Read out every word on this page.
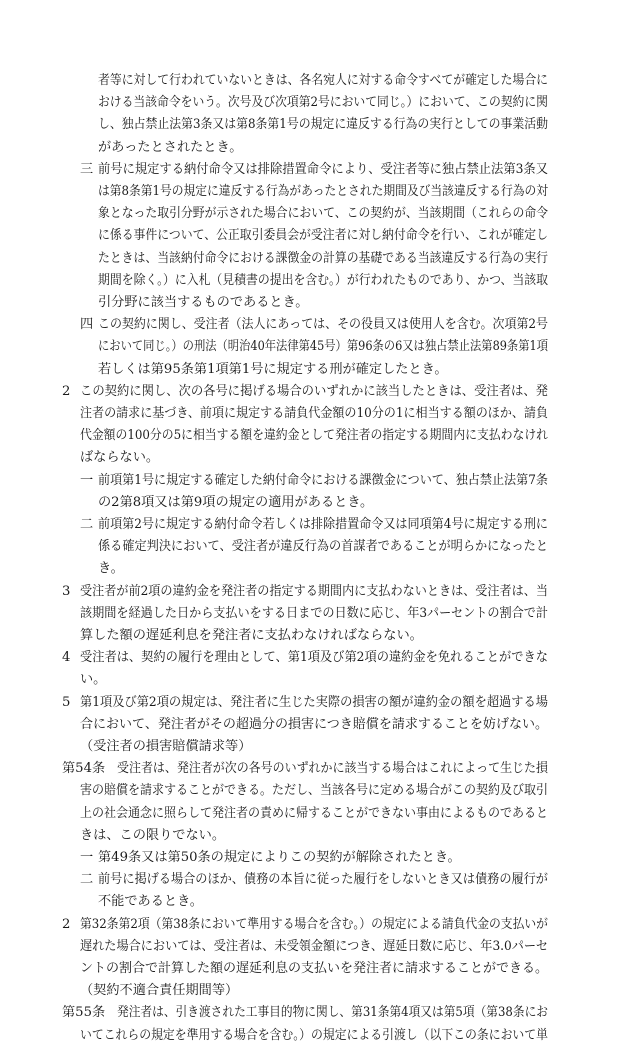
者等に対して行われていないときは、各名宛人に対する命令すべてが確定した場合に
おける当該命令をいう。次号及び次項第2号において同じ。）において、この契約に関
し、独占禁止法第3条又は第8条第1号の規定に違反する行為の実行としての事業活動
があったとされたとき。
三 前号に規定する納付命令又は排除措置命令により、受注者等に独占禁止法第3条又
は第8条第1号の規定に違反する行為があったとされた期間及び当該違反する行為の対
象となった取引分野が示された場合において、この契約が、当該期間（これらの命令
に係る事件について、公正取引委員会が受注者に対し納付命令を行い、これが確定し
たときは、当該納付命令における課徴金の計算の基礎である当該違反する行為の実行
期間を除く。）に入札（見積書の提出を含む。）が行われたものであり、かつ、当該取
引分野に該当するものであるとき。
四 この契約に関し、受注者（法人にあっては、その役員又は使用人を含む。次項第2号
において同じ。）の刑法（明治40年法律第45号）第96条の6又は独占禁止法第89条第1項
若しくは第95条第1項第1号に規定する刑が確定したとき。
2 この契約に関し、次の各号に掲げる場合のいずれかに該当したときは、受注者は、発
注者の請求に基づき、前項に規定する請負代金額の10分の1に相当する額のほか、請負
代金額の100分の5に相当する額を違約金として発注者の指定する期間内に支払わなけれ
ばならない。
一 前項第1号に規定する確定した納付命令における課徴金について、独占禁止法第7条
の2第8項又は第9項の規定の適用があるとき。
二 前項第2号に規定する納付命令若しくは排除措置命令又は同項第4号に規定する刑に
係る確定判決において、受注者が違反行為の首謀者であることが明らかになったと
き。
3 受注者が前2項の違約金を発注者の指定する期間内に支払わないときは、受注者は、当
該期間を経過した日から支払いをする日までの日数に応じ、年3パーセントの割合で計
算した額の遅延利息を発注者に支払わなければならない。
4 受注者は、契約の履行を理由として、第1項及び第2項の違約金を免れることができな
い。
5 第1項及び第2項の規定は、発注者に生じた実際の損害の額が違約金の額を超過する場
合において、発注者がその超過分の損害につき賠償を請求することを妨げない。
（受注者の損害賠償請求等）
第54条 受注者は、発注者が次の各号のいずれかに該当する場合はこれによって生じた損
害の賠償を請求することができる。ただし、当該各号に定める場合がこの契約及び取引
上の社会通念に照らして発注者の責めに帰することができない事由によるものであると
きは、この限りでない。
一 第49条又は第50条の規定によりこの契約が解除されたとき。
二 前号に掲げる場合のほか、債務の本旨に従った履行をしないとき又は債務の履行が
不能であるとき。
2 第32条第2項（第38条において準用する場合を含む。）の規定による請負代金の支払いが
遅れた場合においては、受注者は、未受領金額につき、遅延日数に応じ、年3.0パーセ
ントの割合で計算した額の遅延利息の支払いを発注者に請求することができる。
（契約不適合責任期間等）
第55条 発注者は、引き渡された工事目的物に関し、第31条第4項又は第5項（第38条にお
いてこれらの規定を準用する場合を含む。）の規定による引渡し（以下この条において単
